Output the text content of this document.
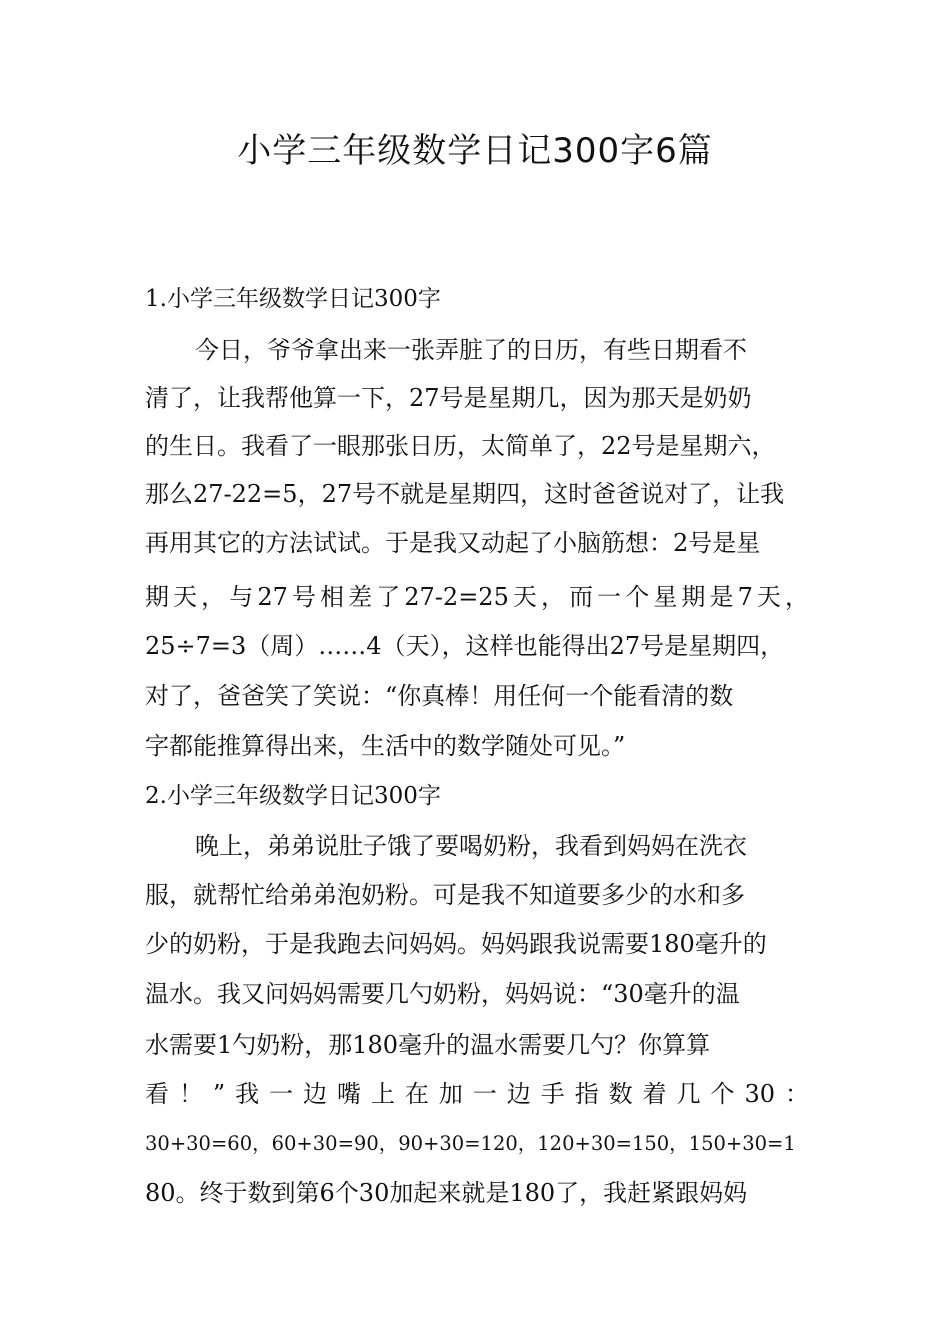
小学三年级数学日记300字6篇
1.小学三年级数学日记300字
今日，爷爷拿出来一张弄脏了的日历，有些日期看不
清了，让我帮他算一下，27号是星期几，因为那天是奶奶
的生日。我看了一眼那张日历，太简单了，22号是星期六，
那么27-22=5，27号不就是星期四，这时爸爸说对了，让我
再用其它的方法试试。于是我又动起了小脑筋想：2号是星
期天，与27号相差了27-2=25天，而一个星期是7天，
25÷7=3（周）……4（天），这样也能得出27号是星期四，
对了，爸爸笑了笑说：“你真棒！用任何一个能看清的数
字都能推算得出来，生活中的数学随处可见。”
2.小学三年级数学日记300字
晚上，弟弟说肚子饿了要喝奶粉，我看到妈妈在洗衣
服，就帮忙给弟弟泡奶粉。可是我不知道要多少的水和多
少的奶粉，于是我跑去问妈妈。妈妈跟我说需要180毫升的
温水。我又问妈妈需要几勺奶粉，妈妈说：“30毫升的温
水需要1勺奶粉，那180毫升的温水需要几勺？你算算
看！”我一边嘴上在加一边手指数着几个30：
30+30=60，60+30=90，90+30=120，120+30=150，150+30=1
80。终于数到第6个30加起来就是180了，我赶紧跟妈妈
